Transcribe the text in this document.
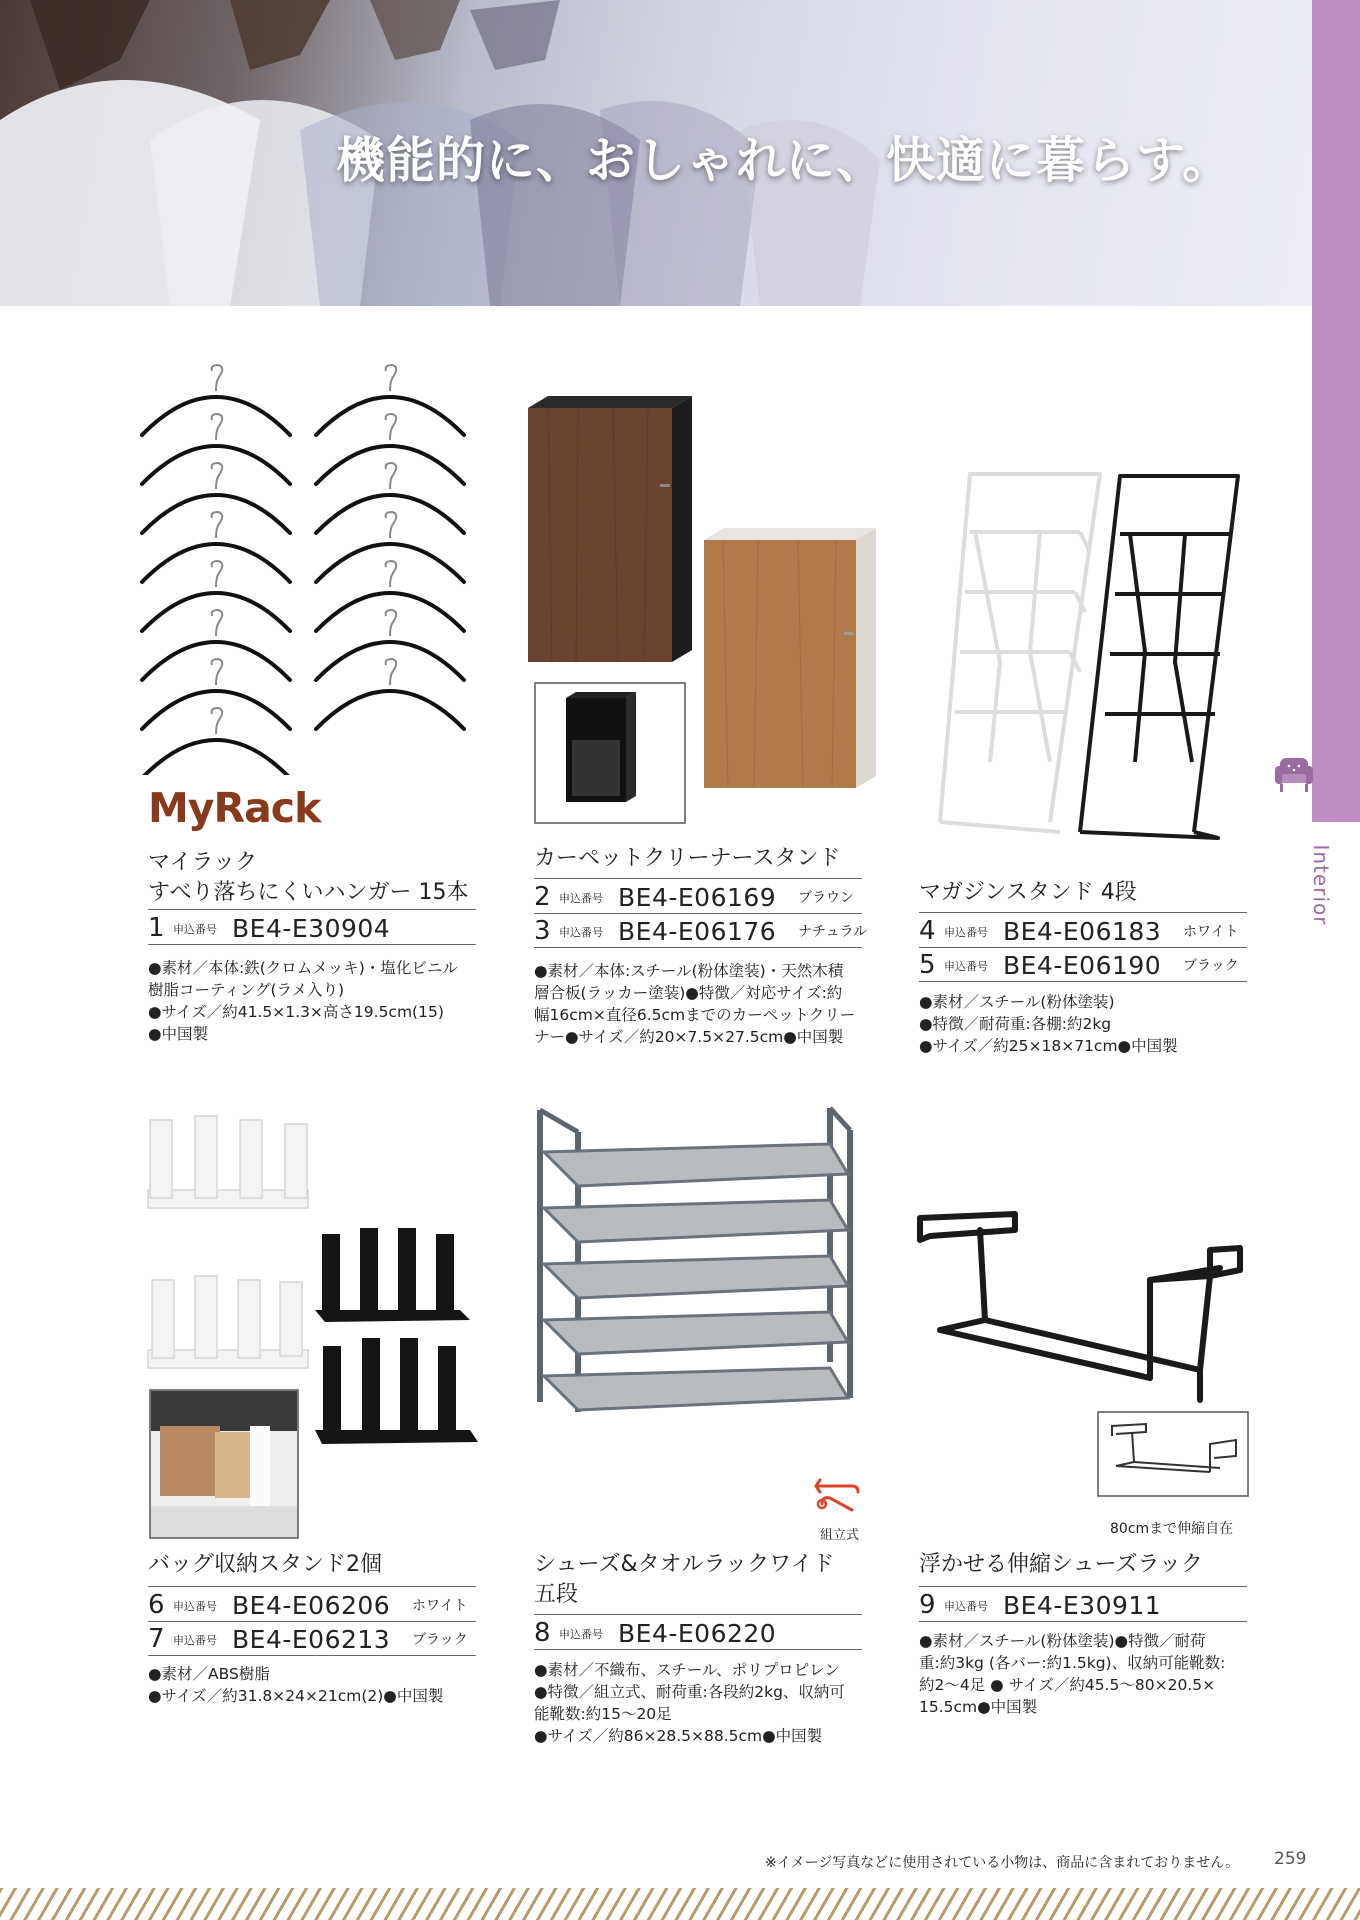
機能的に、おしゃれに、快適に暮らす。
Interior
MyRack
マイラック
すべり落ちにくいハンガー 15本
1 申込番号 BE4-E30904

●素材／本体:鉄(クロムメッキ)・塩化ビニル

樹脂コーティング(ラメ入り)

●サイズ／約41.5×1.3×高さ19.5cm(15)

●中国製

カーペットクリーナースタンド
2 申込番号 BE4-E06169 ブラウン
3 申込番号 BE4-E06176 ナチュラル

●素材／本体:スチール(粉体塗装)・天然木積

層合板(ラッカー塗装)●特徴／対応サイズ:約

幅16cm×直径6.5cmまでのカーペットクリー

ナー●サイズ／約20×7.5×27.5cm●中国製

マガジンスタンド 4段
4 申込番号 BE4-E06183 ホワイト
5 申込番号 BE4-E06190 ブラック

●素材／スチール(粉体塗装)

●特徴／耐荷重:各棚:約2kg

●サイズ／約25×18×71cm●中国製

バッグ収納スタンド2個
6 申込番号 BE4-E06206 ホワイト
7 申込番号 BE4-E06213 ブラック

●素材／ABS樹脂

●サイズ／約31.8×24×21cm(2)●中国製

組立式
シューズ&タオルラックワイド
五段
8 申込番号 BE4-E06220

●素材／不織布、スチール、ポリプロピレン

●特徴／組立式、耐荷重:各段約2kg、収納可

能靴数:約15～20足

●サイズ／約86×28.5×88.5cm●中国製

80cmまで伸縮自在
浮かせる伸縮シューズラック
9 申込番号 BE4-E30911

●素材／スチール(粉体塗装)●特徴／耐荷

重:約3kg (各バー:約1.5kg)、収納可能靴数:

約2～4足 ● サイズ／約45.5～80×20.5×

15.5cm●中国製

※イメージ写真などに使用されている小物は、商品に含まれておりません。 259
